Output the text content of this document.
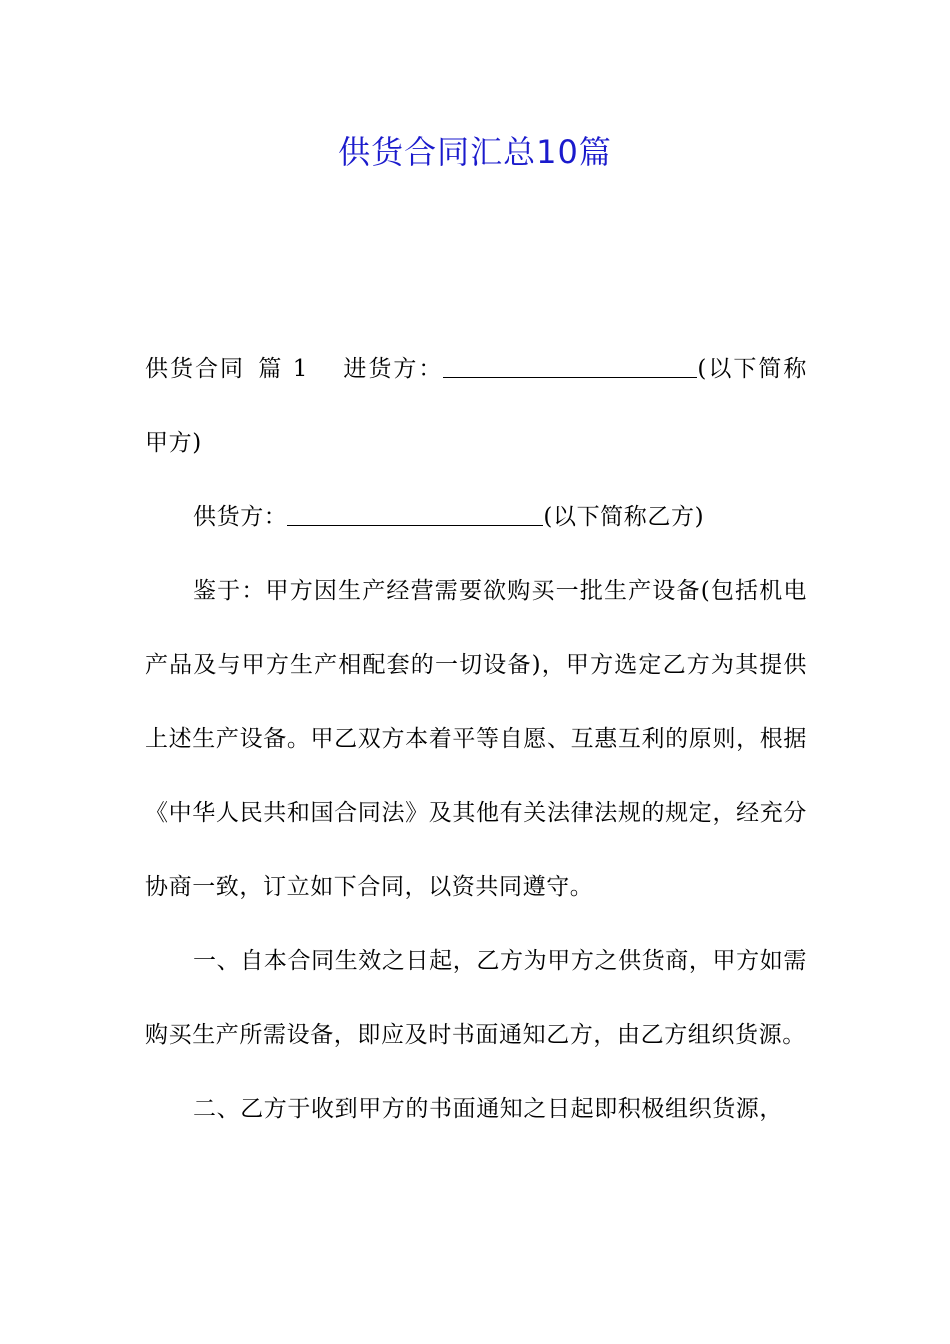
供货合同汇总10篇

供货合同 篇 1 进货方：	(以下简称甲方)

供货方：	(以下简称乙方)

鉴于：甲方因生产经营需要欲购买一批生产设备(包括机电产品及与甲方生产相配套的一切设备)，甲方选定乙方为其提供上述生产设备。甲乙双方本着平等自愿、互惠互利的原则，根据《中华人民共和国合同法》及其他有关法律法规的规定，经充分协商一致，订立如下合同，以资共同遵守。

一、自本合同生效之日起，乙方为甲方之供货商，甲方如需购买生产所需设备，即应及时书面通知乙方，由乙方组织货源。

二、乙方于收到甲方的书面通知之日起即积极组织货源，
